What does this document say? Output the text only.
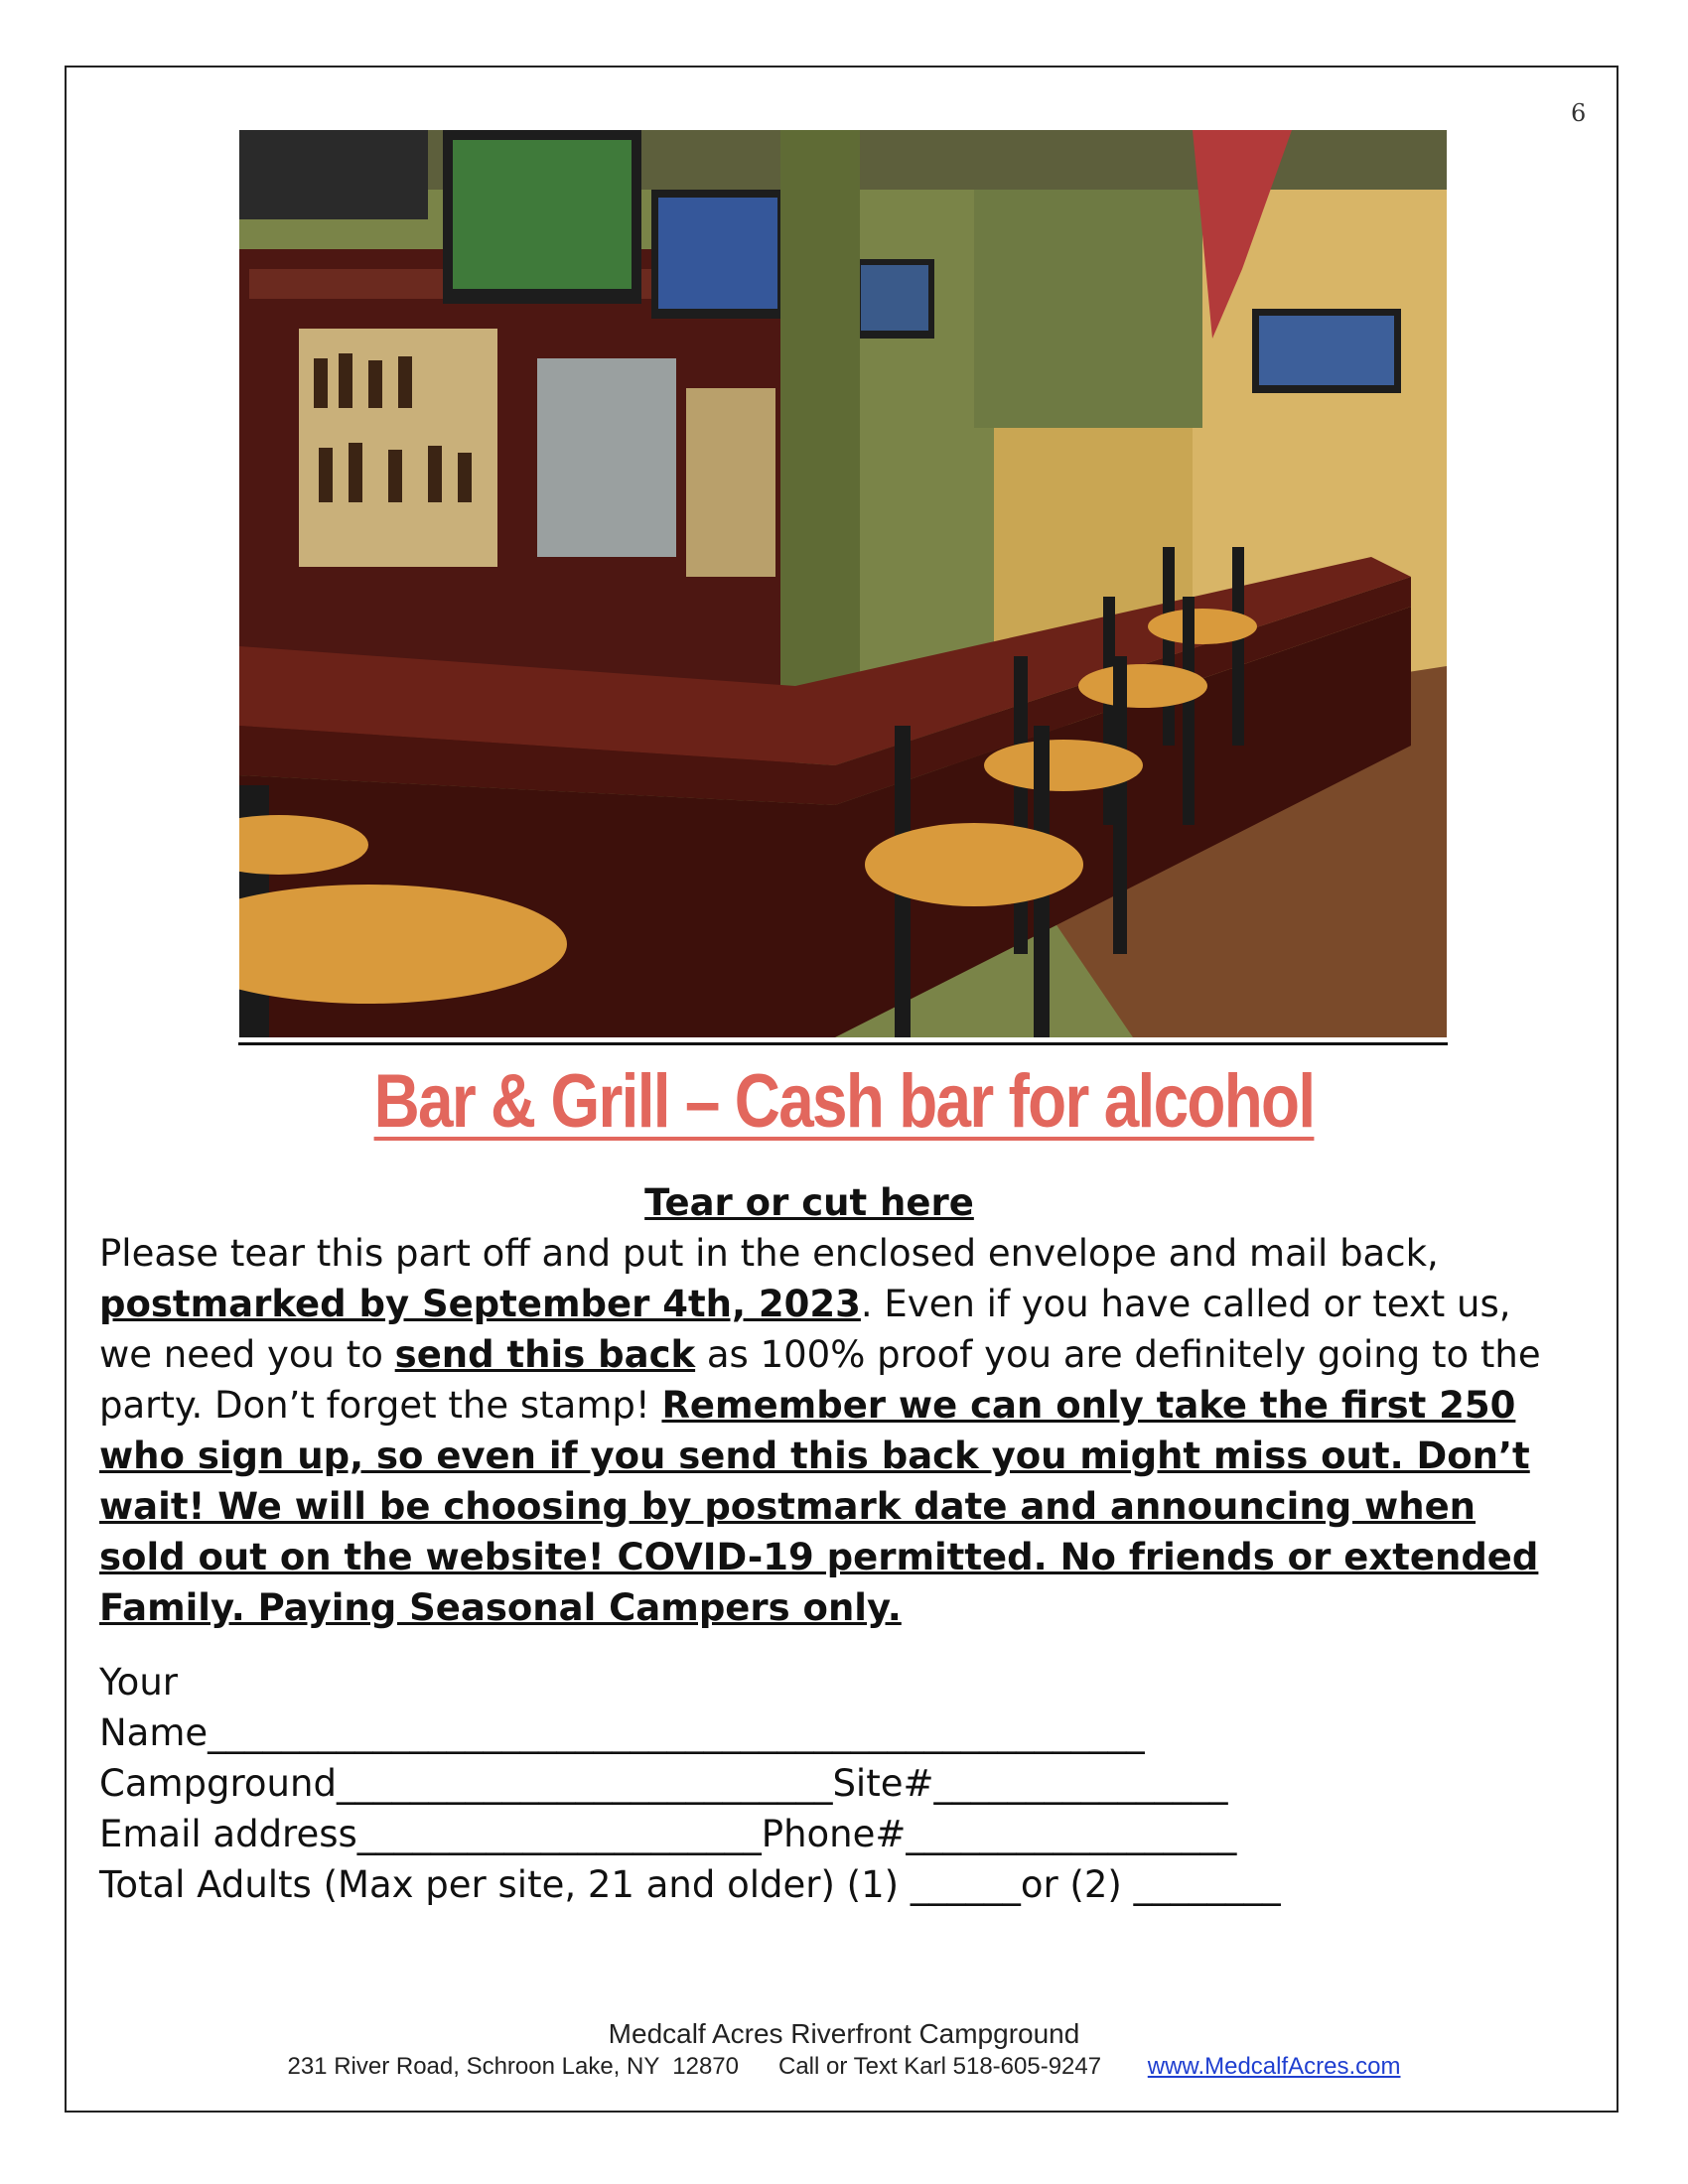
6
Bar & Grill – Cash bar for alcohol
Tear or cut here
Please tear this part off and put in the enclosed envelope and mail back, postmarked by September 4th, 2023. Even if you have called or text us, we need you to send this back as 100% proof you are definitely going to the party. Don’t forget the stamp! Remember we can only take the first 250 who sign up, so even if you send this back you might miss out. Don’t wait! We will be choosing by postmark date and announcing when sold out on the website! COVID-19 permitted. No friends or extended Family. Paying Seasonal Campers only.
Your
Name___________________________________________________
Campground___________________________Site#________________
Email address______________________Phone#__________________
Total Adults (Max per site, 21 and older) (1) ______or (2) ________
Medcalf Acres Riverfront Campground
231 River Road, Schroon Lake, NY  12870      Call or Text Karl 518-605-9247       www.MedcalfAcres.com
